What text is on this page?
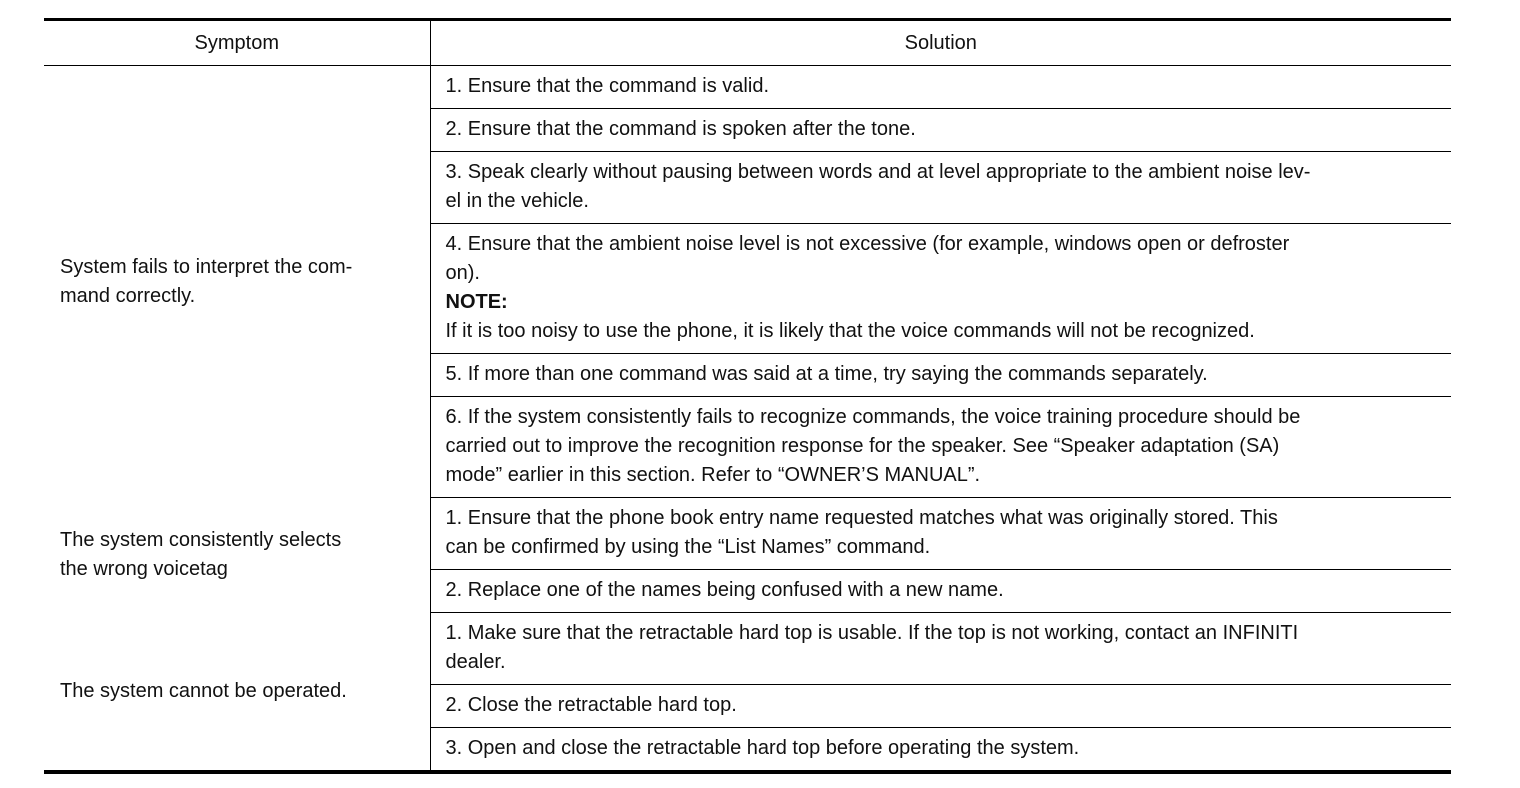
Symptom	Solution

System fails to interpret the com-
mand correctly.	1. Ensure that the command is valid.

	2. Ensure that the command is spoken after the tone.

	3. Speak clearly without pausing between words and at level appropriate to the ambient noise lev-
el in the vehicle.

	4. Ensure that the ambient noise level is not excessive (for example, windows open or defroster
on).
NOTE:
If it is too noisy to use the phone, it is likely that the voice commands will not be recognized.

	5. If more than one command was said at a time, try saying the commands separately.

	6. If the system consistently fails to recognize commands, the voice training procedure should be
carried out to improve the recognition response for the speaker. See “Speaker adaptation (SA)
mode” earlier in this section. Refer to “OWNER’S MANUAL”.

The system consistently selects
the wrong voicetag	1. Ensure that the phone book entry name requested matches what was originally stored. This
can be confirmed by using the “List Names” command.

	2. Replace one of the names being confused with a new name.

The system cannot be operated.	1. Make sure that the retractable hard top is usable. If the top is not working, contact an INFINITI
dealer.

	2. Close the retractable hard top.

	3. Open and close the retractable hard top before operating the system.
